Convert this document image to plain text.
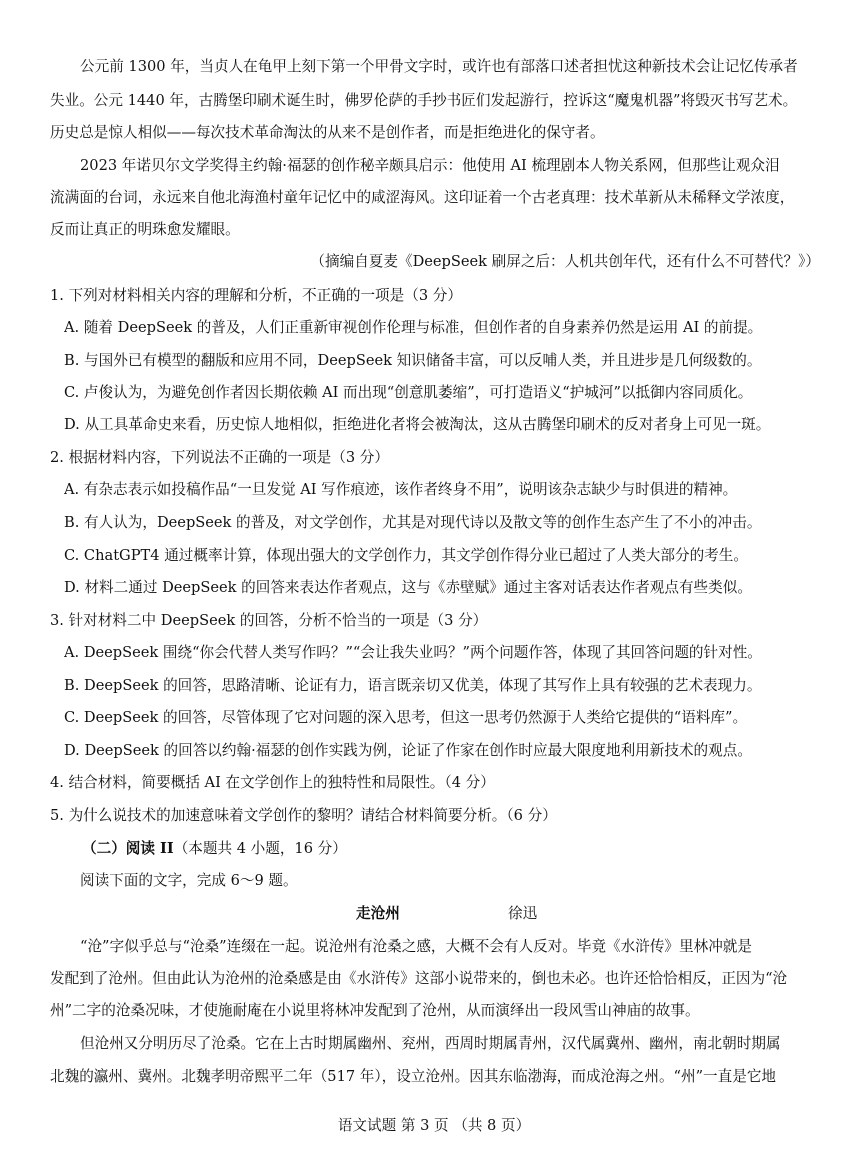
公元前 1300 年，当贞人在龟甲上刻下第一个甲骨文字时，或许也有部落口述者担忧这种新技术会让记忆传承者
失业。公元 1440 年，古腾堡印刷术诞生时，佛罗伦萨的手抄书匠们发起游行，控诉这“魔鬼机器”将毁灭书写艺术。
历史总是惊人相似——每次技术革命淘汰的从来不是创作者，而是拒绝进化的保守者。
2023 年诺贝尔文学奖得主约翰·福瑟的创作秘辛颇具启示：他使用 AI 梳理剧本人物关系网，但那些让观众泪
流满面的台词，永远来自他北海渔村童年记忆中的咸涩海风。这印证着一个古老真理：技术革新从未稀释文学浓度，
反而让真正的明珠愈发耀眼。
（摘编自夏麦《DeepSeek 刷屏之后：人机共创年代，还有什么不可替代？》）
1. 下列对材料相关内容的理解和分析，不正确的一项是（3 分）
A. 随着 DeepSeek 的普及，人们正重新审视创作伦理与标准，但创作者的自身素养仍然是运用 AI 的前提。
B. 与国外已有模型的翻版和应用不同，DeepSeek 知识储备丰富，可以反哺人类，并且进步是几何级数的。
C. 卢俊认为，为避免创作者因长期依赖 AI 而出现“创意肌萎缩”，可打造语义“护城河”以抵御内容同质化。
D. 从工具革命史来看，历史惊人地相似，拒绝进化者将会被淘汰，这从古腾堡印刷术的反对者身上可见一斑。
2. 根据材料内容，下列说法不正确的一项是（3 分）
A. 有杂志表示如投稿作品“一旦发觉 AI 写作痕迹，该作者终身不用”，说明该杂志缺少与时俱进的精神。
B. 有人认为，DeepSeek 的普及，对文学创作，尤其是对现代诗以及散文等的创作生态产生了不小的冲击。
C. ChatGPT4 通过概率计算，体现出强大的文学创作力，其文学创作得分业已超过了人类大部分的考生。
D. 材料二通过 DeepSeek 的回答来表达作者观点，这与《赤壁赋》通过主客对话表达作者观点有些类似。
3. 针对材料二中 DeepSeek 的回答，分析不恰当的一项是（3 分）
A. DeepSeek 围绕“你会代替人类写作吗？”“会让我失业吗？”两个问题作答，体现了其回答问题的针对性。
B. DeepSeek 的回答，思路清晰、论证有力，语言既亲切又优美，体现了其写作上具有较强的艺术表现力。
C. DeepSeek 的回答，尽管体现了它对问题的深入思考，但这一思考仍然源于人类给它提供的“语料库”。
D. DeepSeek 的回答以约翰·福瑟的创作实践为例，论证了作家在创作时应最大限度地利用新技术的观点。
4. 结合材料，简要概括 AI 在文学创作上的独特性和局限性。（4 分）
5. 为什么说技术的加速意味着文学创作的黎明？请结合材料简要分析。（6 分）
（二）阅读 II（本题共 4 小题，16 分）
阅读下面的文字，完成 6～9 题。
走沧州	徐迅
“沧”字似乎总与“沧桑”连缀在一起。说沧州有沧桑之感，大概不会有人反对。毕竟《水浒传》里林冲就是
发配到了沧州。但由此认为沧州的沧桑感是由《水浒传》这部小说带来的，倒也未必。也许还恰恰相反，正因为“沧
州”二字的沧桑况味，才使施耐庵在小说里将林冲发配到了沧州，从而演绎出一段风雪山神庙的故事。
但沧州又分明历尽了沧桑。它在上古时期属幽州、兖州，西周时期属青州，汉代属冀州、幽州，南北朝时期属
北魏的瀛州、冀州。北魏孝明帝熙平二年（517 年），设立沧州。因其东临渤海，而成沧海之州。“州”一直是它地
语文试题 第 3 页 （共 8 页）
